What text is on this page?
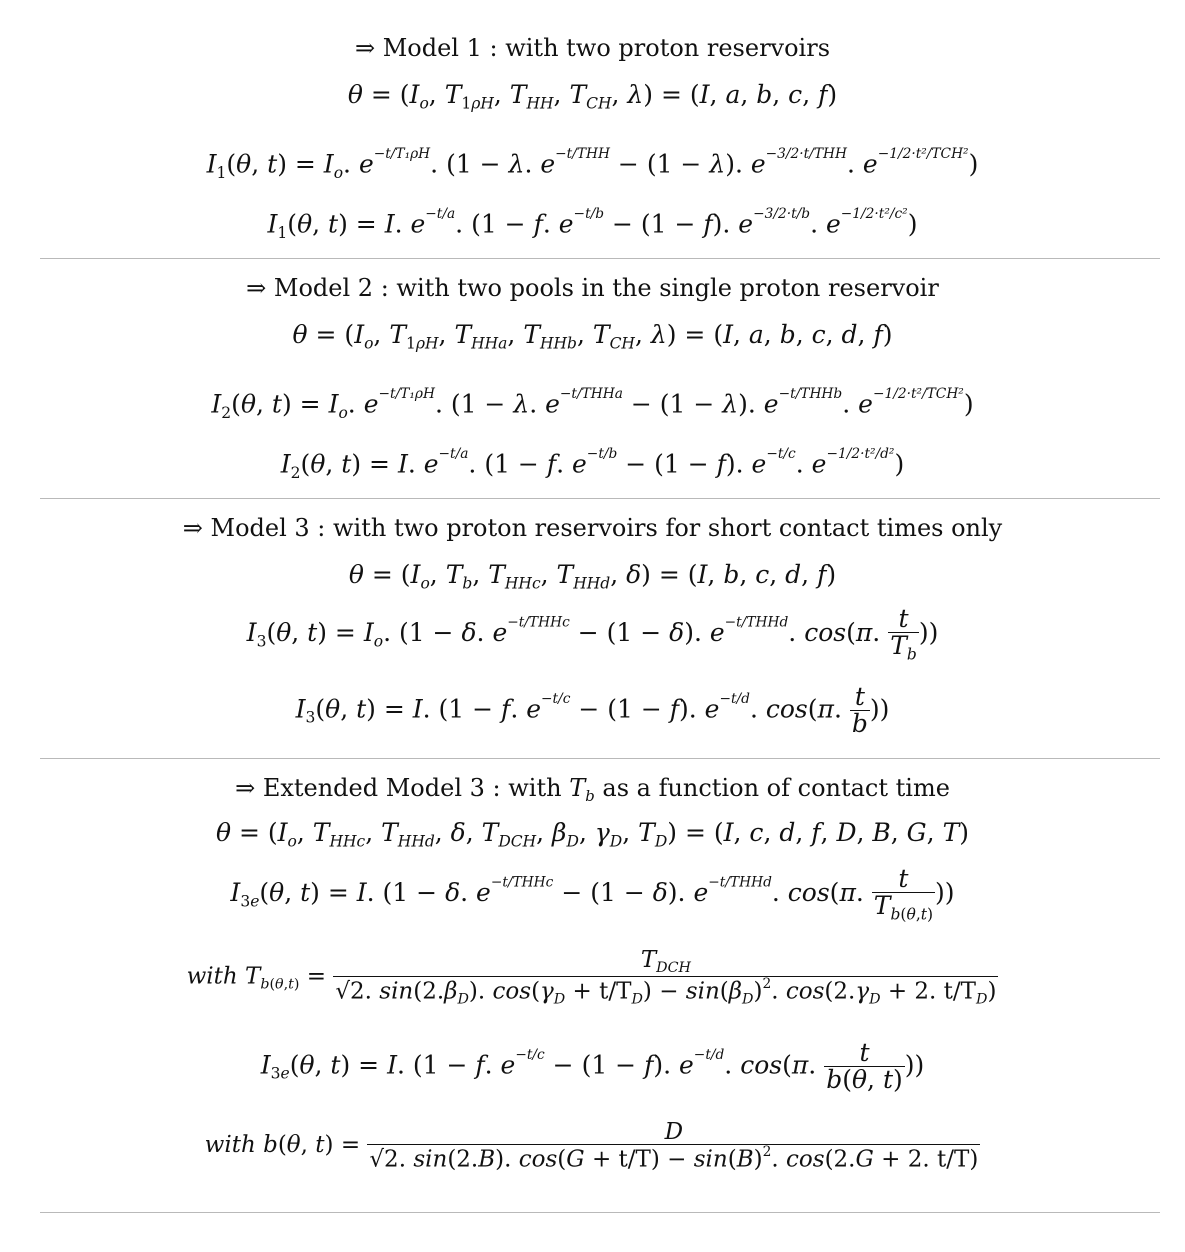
⇒ Model 1 : with two proton reservoirs
$\theta = (I_o$, $T_{1\rho H}$, $T_{HH}$, $T_{CH}$, λ) = (I, a, b, c, f)
$I_1(\theta$, $t) = I_o$. $e^{-t/T_1\rho H}$. (1 − λ. $e^{-t/THH} - (1 - \lambda)$. $e^{-3/2\cdot t/THH}$. $e^{-1/2\cdot t^2/TCH^2}$)
$I_1(\theta$, t) = I. $e^{-t/a}$. (1 − f. $e^{-t/b} - (1 - f)$. $e^{-3/2\cdot t/b}$. $e^{-1/2\cdot t^2/c^2}$)
⇒ Model 2 : with two pools in the single proton reservoir
$\theta = (I_o$, $T_{1\rho H}$, $T_{HHa}$, $T_{HHb}$, $T_{CH}$, λ) = (I, a, b, c, d, f)
$I_2(\theta$, $t) = I_o$. $e^{-t/T_1\rho H}$. (1 − λ. $e^{-t/THHa} - (1 - \lambda)$. $e^{-t/THHb}$. $e^{-1/2\cdot t^2/TCH^2}$)
$I_2(\theta$, t) = I. $e^{-t/a}$. (1 − f. $e^{-t/b} - (1 - f)$. $e^{-t/c}$. $e^{-1/2\cdot t^2/d^2}$)
⇒ Model 3 : with two proton reservoirs for short contact times only
$\theta = (I_o$, $T_b$, $T_{HHc}$, $T_{HHd}$, δ) = (I, b, c, d, f)
$I_3(\theta$, $t) = I_o$. (1 − δ. $e^{-t/THHc} - (1 - \delta)$. $e^{-t/THHd}$. cos(π. $\frac{t}{T_b}$ ))
$I_3(\theta$, t) = I. (1 − f. $e^{-t/c} - (1 - f)$. $e^{-t/d}$. cos(π. $\frac{t}{b}$ ))
⇒ Extended Model 3 : with $T_b$ as a function of contact time
$\theta = (I_o$, $T_{HHc}$, $T_{HHd}$, δ, $T_{DCH}$, $\beta_D$, $\gamma_D$, $T_D) = (I$, c, d, f, D, B, G, T)
$I_{3e}(\theta$, t) = I. (1 − δ. $e^{-t/THHc} - (1 - \delta)$. $e^{-t/THHd}$. cos(π. $\frac{t}{T_{b(\theta,t)}}$ ))
with $T_{b(\theta,t)}$ =
$T_{DCH}$
√2. $\sin(2.\beta_D)$. $\cos(\gamma_D + t/T_D) - \sin(\beta_D)^2$. $\cos(2.\gamma_D + 2$. $t/T_D$)
$I_{3e}(\theta$, t) = I. (1 − f. $e^{-t/c} - (1 - f)$. $e^{-t/d}$. cos(π. $\frac{t}{b(\theta, t)}$ ))
with b(θ, $t) = \frac{D}{√2. \sin(2.B). \cos(G + t/T) - \sin(B)^2. \cos(2.G + 2. t/T)}$
